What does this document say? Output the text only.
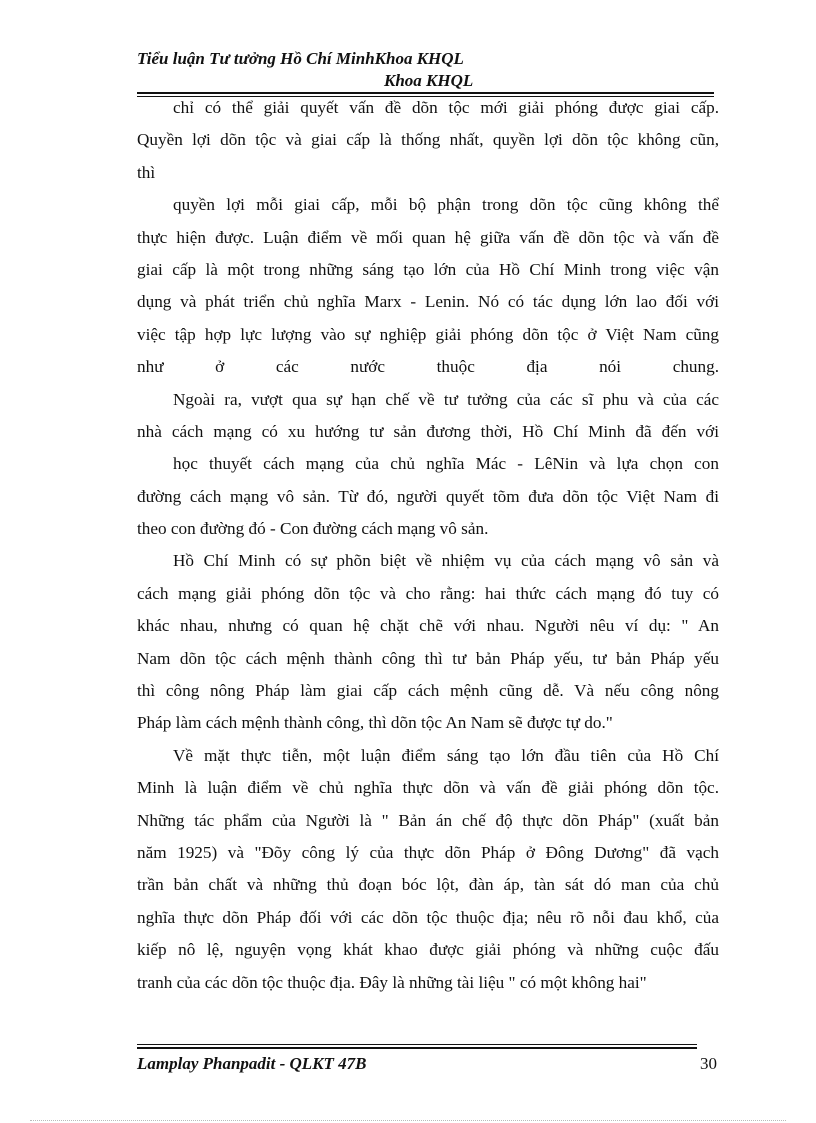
Tiểu luận Tư tưởng Hồ Chí MinhKhoa KHQL
Khoa KHQL
chỉ có thể giải quyết vấn đề dõn tộc mới giải phóng được giai cấp.
Quyền lợi dõn tộc và giai cấp là thống nhất, quyền lợi dõn tộc không cũn,
thì
quyền lợi mỗi giai cấp, mỗi bộ phận trong dõn tộc cũng không thể
thực hiện được. Luận điểm về mối quan hệ giữa vấn đề dõn tộc và vấn đề
giai cấp là một trong những sáng tạo lớn của Hồ Chí Minh trong việc vận
dụng và phát triển chủ nghĩa Marx - Lenin. Nó có tác dụng lớn lao đối với
việc tập hợp lực lượng vào sự nghiệp giải phóng dõn tộc ở Việt Nam cũng
như ở các nước thuộc địa nói chung.
Ngoài ra, vượt qua sự hạn chế về tư tưởng của các sĩ phu và của các
nhà cách mạng có xu hướng tư sản đương thời, Hồ Chí Minh đã đến với
học thuyết cách mạng của chủ nghĩa Mác - LêNin và lựa chọn con
đường cách mạng vô sản. Từ đó, người quyết tõm đưa dõn tộc Việt Nam đi
theo con đường đó - Con đường cách mạng vô sản.
Hồ Chí Minh có sự phõn biệt về nhiệm vụ của cách mạng vô sản và
cách mạng giải phóng dõn tộc và cho rằng: hai thức cách mạng đó tuy có
khác nhau, nhưng có quan hệ chặt chẽ với nhau. Người nêu ví dụ: " An
Nam dõn tộc cách mệnh thành công thì tư bản Pháp yếu, tư bản Pháp yếu
thì công nông Pháp làm giai cấp cách mệnh cũng dễ. Và nếu công nông
Pháp làm cách mệnh thành công, thì dõn tộc An Nam sẽ được tự do."
Về mặt thực tiễn, một luận điểm sáng tạo lớn đầu tiên của Hồ Chí
Minh là luận điểm về chủ nghĩa thực dõn và vấn đề giải phóng dõn tộc.
Những tác phẩm của Người là " Bản án chế độ thực dõn Pháp" (xuất bản
năm 1925) và "Đõy công lý của thực dõn Pháp ở Đông Dương" đã vạch
trần bản chất và những thủ đoạn bóc lột, đàn áp, tàn sát dó man của chủ
nghĩa thực dõn Pháp đối với các dõn tộc thuộc địa; nêu rõ nỗi đau khổ, của
kiếp nô lệ, nguyện vọng khát khao được giải phóng và những cuộc đấu
tranh của các dõn tộc thuộc địa. Đây là những tài liệu " có một không hai"
Lamplay Phanpadit - QLKT 47B	30
